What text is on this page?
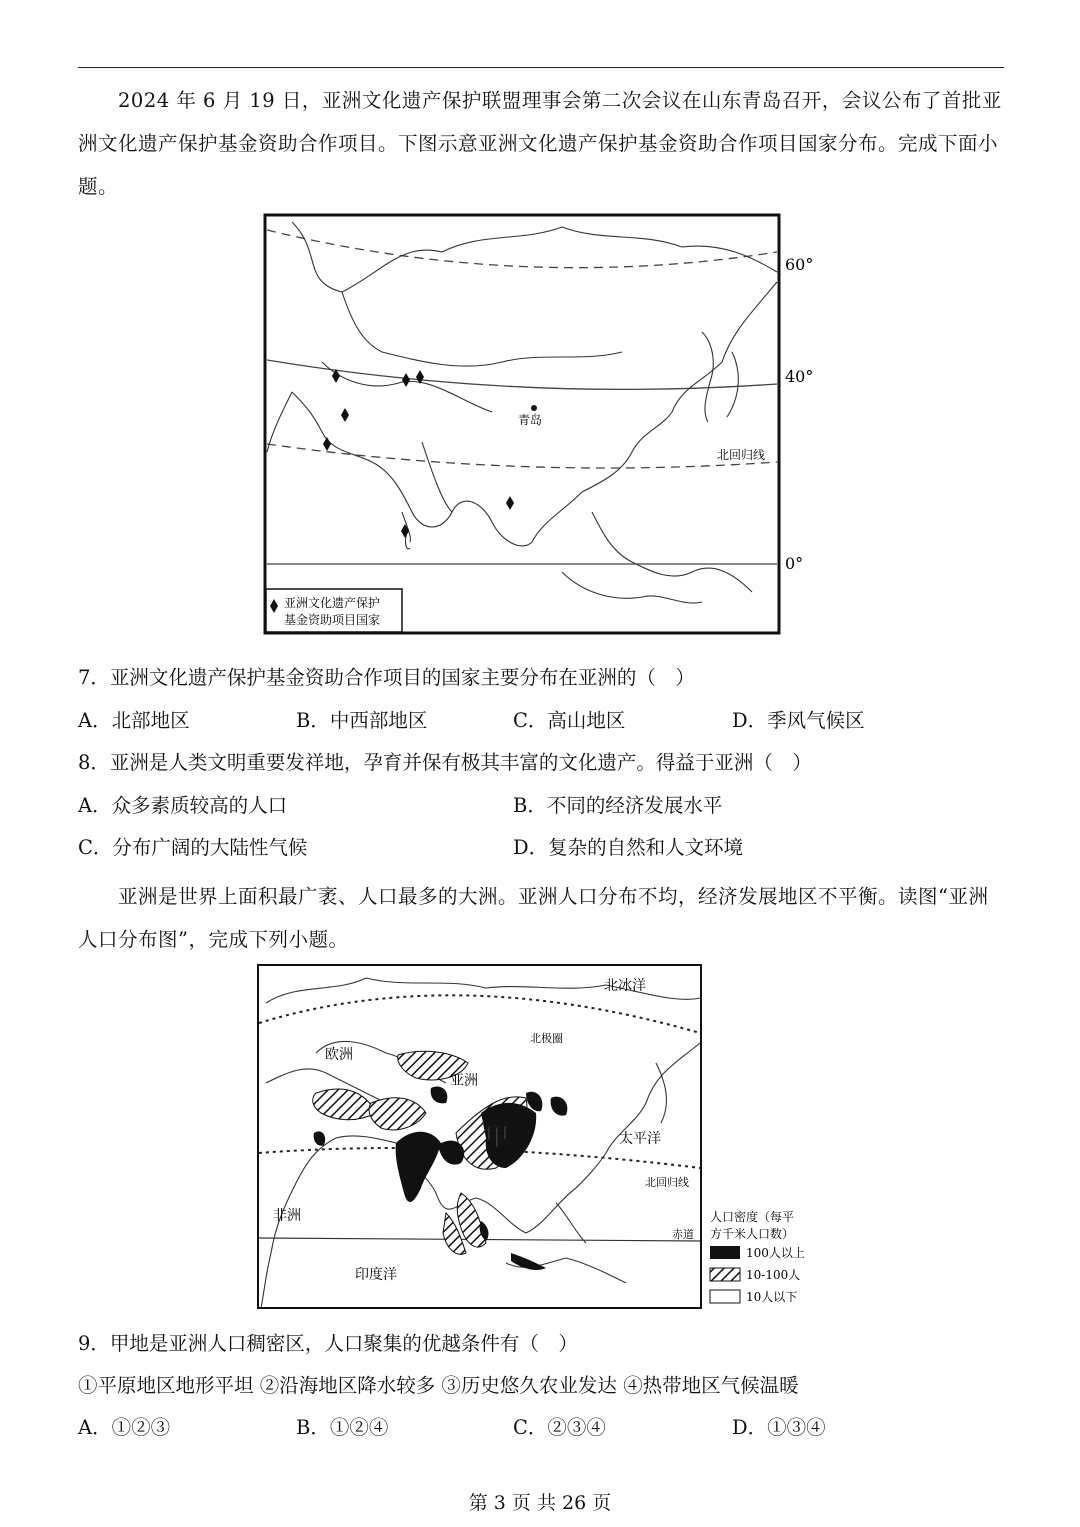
2024 年 6 月 19 日，亚洲文化遗产保护联盟理事会第二次会议在山东青岛召开，会议公布了首批亚洲文化遗产保护基金资助合作项目。下图示意亚洲文化遗产保护基金资助合作项目国家分布。完成下面小题。
青岛
北回归线
60°
40°
0°
亚洲文化遗产保护
基金资助项目国家
7．亚洲文化遗产保护基金资助合作项目的国家主要分布在亚洲的（　）
A．北部地区	B．中西部地区	C．高山地区	D．季风气候区
8．亚洲是人类文明重要发祥地，孕育并保有极其丰富的文化遗产。得益于亚洲（　）
A．众多素质较高的人口	B．不同的经济发展水平
C．分布广阔的大陆性气候	D．复杂的自然和人文环境
亚洲是世界上面积最广袤、人口最多的大洲。亚洲人口分布不均，经济发展地区不平衡。读图“亚洲人口分布图”，完成下列小题。
北冰洋
欧洲
亚洲
北极圈
甲	太平洋
北回归线
非洲
赤道
印度洋
人口密度（每平
方千米人口数）
100人以上
10-100人
10人以下
9．甲地是亚洲人口稠密区，人口聚集的优越条件有（　）
①平原地区地形平坦 ②沿海地区降水较多 ③历史悠久农业发达 ④热带地区气候温暖
A．①②③	B．①②④	C．②③④	D．①③④
第 3 页 共 26 页
